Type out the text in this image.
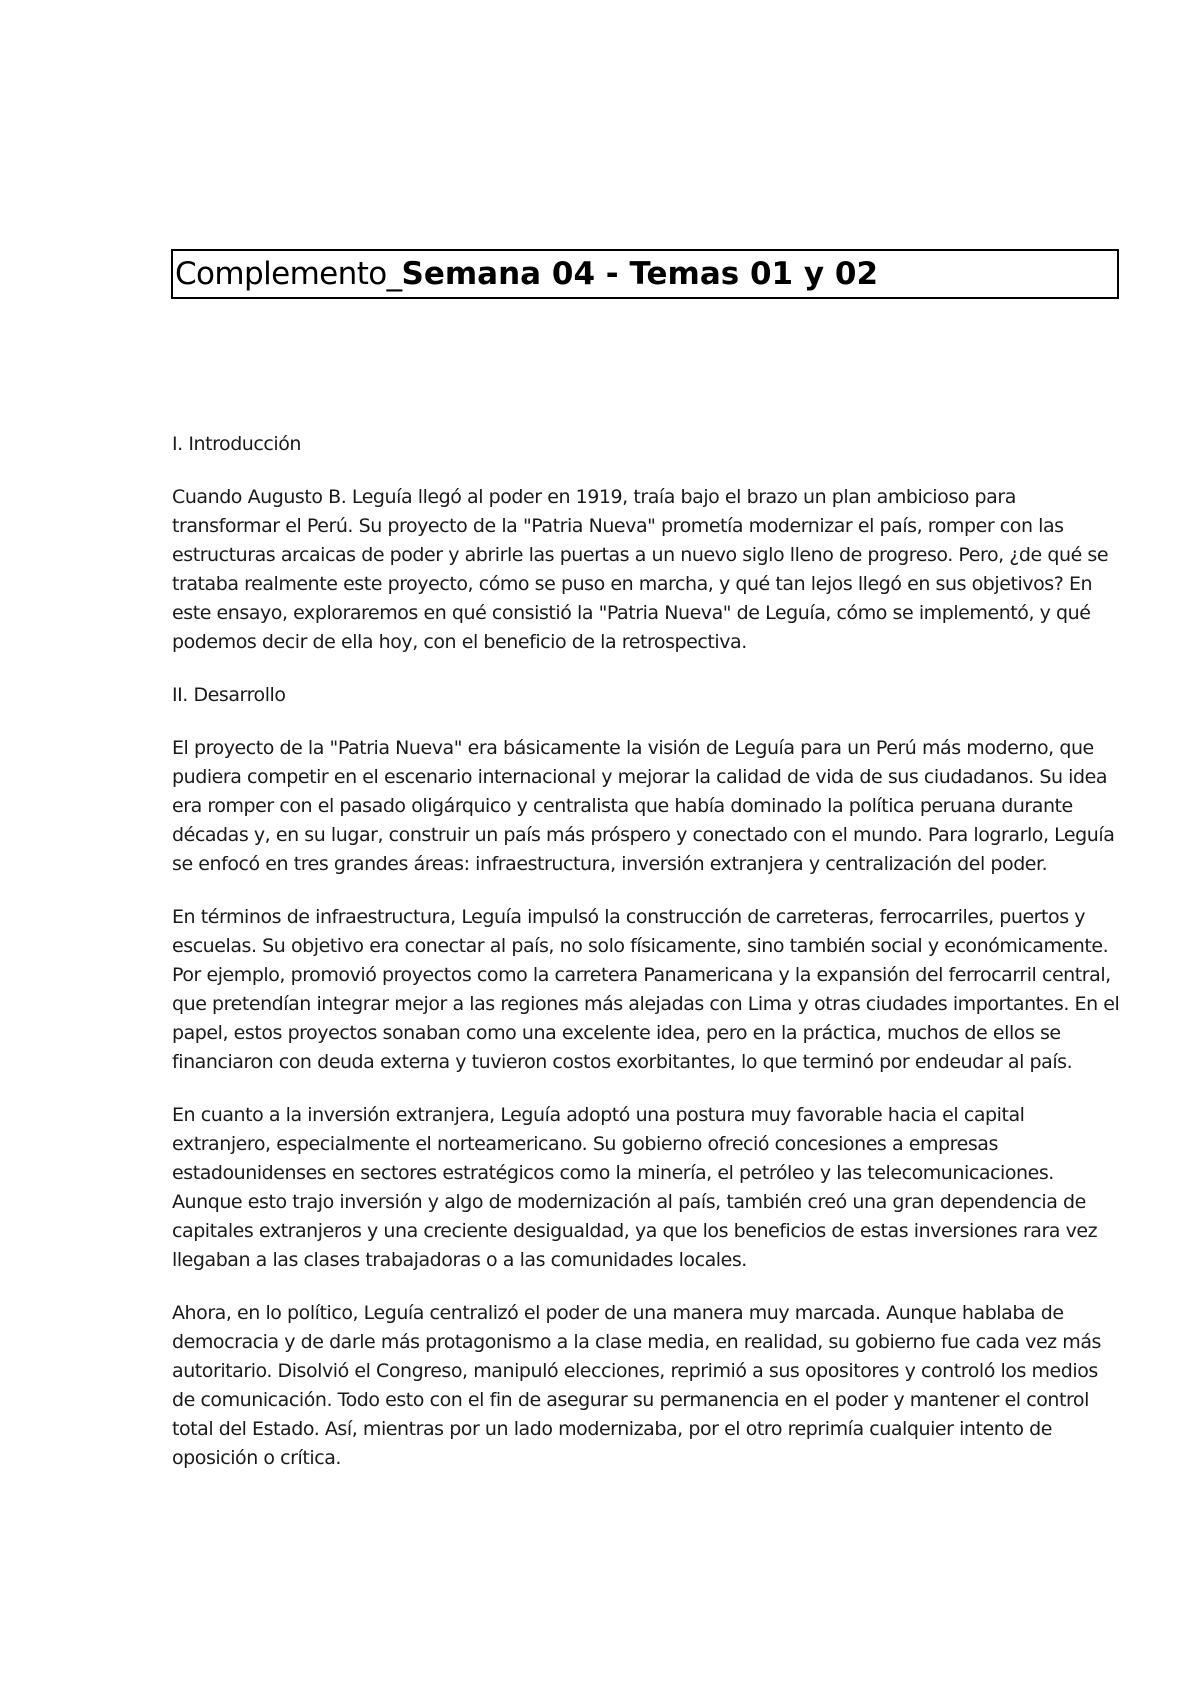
Complemento_ Semana 04 - Temas 01 y 02

I. Introducción

Cuando Augusto B. Leguía llegó al poder en 1919, traía bajo el brazo un plan ambicioso para transformar el Perú. Su proyecto de la "Patria Nueva" prometía modernizar el país, romper con las estructuras arcaicas de poder y abrirle las puertas a un nuevo siglo lleno de progreso. Pero, ¿de qué se trataba realmente este proyecto, cómo se puso en marcha, y qué tan lejos llegó en sus objetivos? En este ensayo, exploraremos en qué consistió la "Patria Nueva" de Leguía, cómo se implementó, y qué podemos decir de ella hoy, con el beneficio de la retrospectiva.

II. Desarrollo

El proyecto de la "Patria Nueva" era básicamente la visión de Leguía para un Perú más moderno, que pudiera competir en el escenario internacional y mejorar la calidad de vida de sus ciudadanos. Su idea era romper con el pasado oligárquico y centralista que había dominado la política peruana durante décadas y, en su lugar, construir un país más próspero y conectado con el mundo. Para lograrlo, Leguía se enfocó en tres grandes áreas: infraestructura, inversión extranjera y centralización del poder.

En términos de infraestructura, Leguía impulsó la construcción de carreteras, ferrocarriles, puertos y escuelas. Su objetivo era conectar al país, no solo físicamente, sino también social y económicamente. Por ejemplo, promovió proyectos como la carretera Panamericana y la expansión del ferrocarril central, que pretendían integrar mejor a las regiones más alejadas con Lima y otras ciudades importantes. En el papel, estos proyectos sonaban como una excelente idea, pero en la práctica, muchos de ellos se financiaron con deuda externa y tuvieron costos exorbitantes, lo que terminó por endeudar al país.

En cuanto a la inversión extranjera, Leguía adoptó una postura muy favorable hacia el capital extranjero, especialmente el norteamericano. Su gobierno ofreció concesiones a empresas estadounidenses en sectores estratégicos como la minería, el petróleo y las telecomunicaciones. Aunque esto trajo inversión y algo de modernización al país, también creó una gran dependencia de capitales extranjeros y una creciente desigualdad, ya que los beneficios de estas inversiones rara vez llegaban a las clases trabajadoras o a las comunidades locales.

Ahora, en lo político, Leguía centralizó el poder de una manera muy marcada. Aunque hablaba de democracia y de darle más protagonismo a la clase media, en realidad, su gobierno fue cada vez más autoritario. Disolvió el Congreso, manipuló elecciones, reprimió a sus opositores y controló los medios de comunicación. Todo esto con el fin de asegurar su permanencia en el poder y mantener el control total del Estado. Así, mientras por un lado modernizaba, por el otro reprimía cualquier intento de oposición o crítica.
